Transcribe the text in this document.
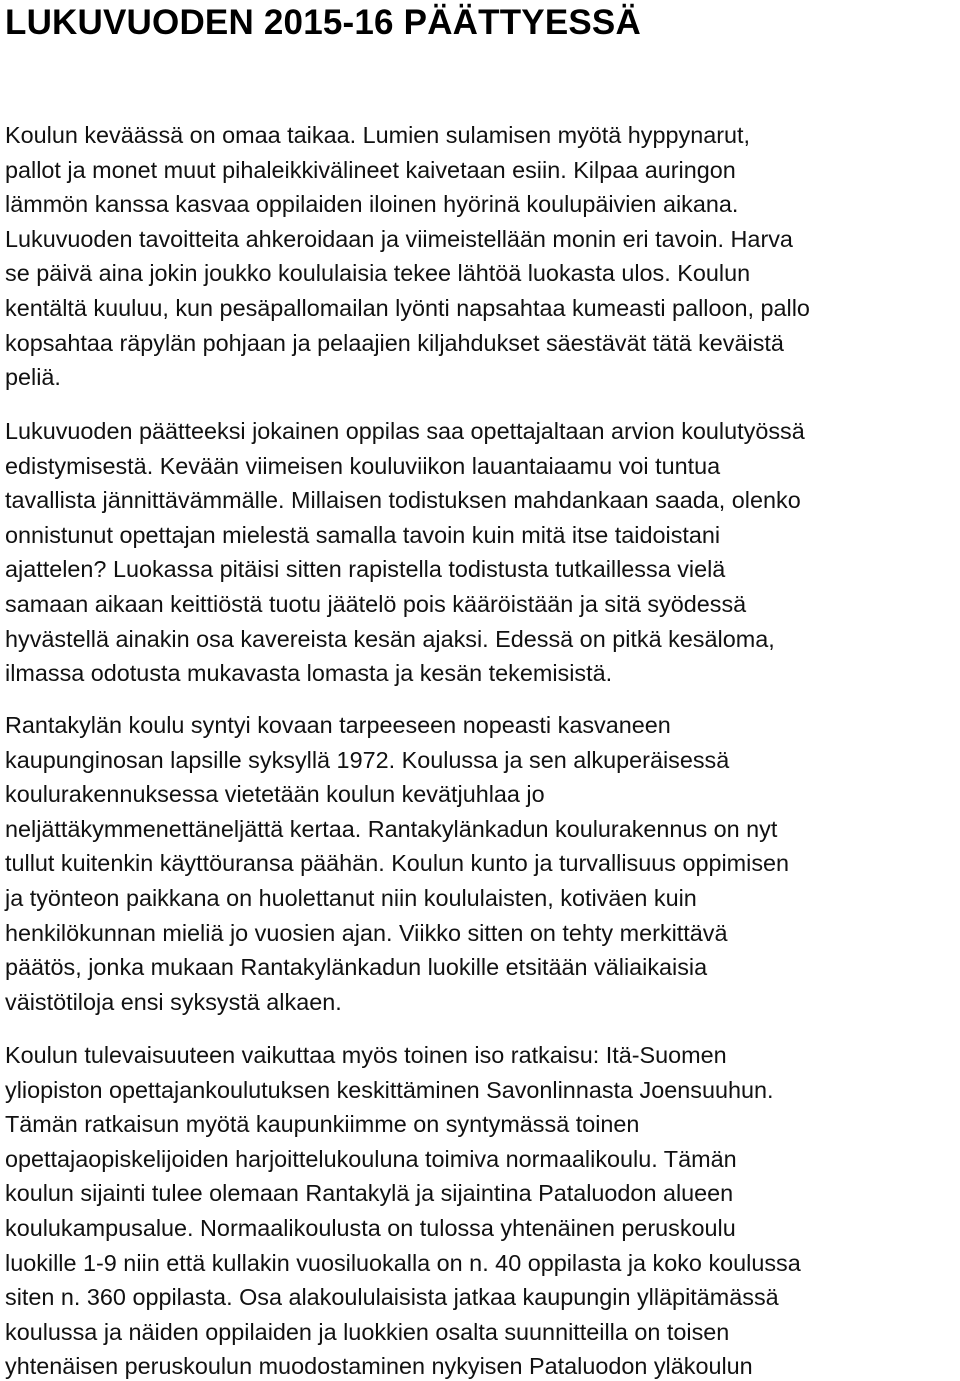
LUKUVUODEN 2015-16 PÄÄTTYESSÄ
Koulun keväässä on omaa taikaa. Lumien sulamisen myötä hyppynarut,
pallot ja monet muut pihaleikkivälineet kaivetaan esiin. Kilpaa auringon
lämmön kanssa kasvaa oppilaiden iloinen hyörinä koulupäivien aikana.
Lukuvuoden tavoitteita ahkeroidaan ja viimeistellään monin eri tavoin. Harva
se päivä aina jokin joukko koululaisia tekee lähtöä luokasta ulos. Koulun
kentältä kuuluu, kun pesäpallomailan lyönti napsahtaa kumeasti palloon, pallo
kopsahtaa räpylän pohjaan ja pelaajien kiljahdukset säestävät tätä keväistä
peliä.
Lukuvuoden päätteeksi jokainen oppilas saa opettajaltaan arvion koulutyössä
edistymisestä. Kevään viimeisen kouluviikon lauantaiaamu voi tuntua
tavallista jännittävämmälle. Millaisen todistuksen mahdankaan saada, olenko
onnistunut opettajan mielestä samalla tavoin kuin mitä itse taidoistani
ajattelen? Luokassa pitäisi sitten rapistella todistusta tutkaillessa vielä
samaan aikaan keittiöstä tuotu jäätelö pois kääröistään ja sitä syödessä
hyvästellä ainakin osa kavereista kesän ajaksi. Edessä on pitkä kesäloma,
ilmassa odotusta mukavasta lomasta ja kesän tekemisistä.
Rantakylän koulu syntyi kovaan tarpeeseen nopeasti kasvaneen
kaupunginosan lapsille syksyllä 1972. Koulussa ja sen alkuperäisessä
koulurakennuksessa vietetään koulun kevätjuhlaa jo
neljättäkymmenettäneljättä kertaa. Rantakylänkadun koulurakennus on nyt
tullut kuitenkin käyttöuransa päähän. Koulun kunto ja turvallisuus oppimisen
ja työnteon paikkana on huolettanut niin koululaisten, kotiväen kuin
henkilökunnan mieliä jo vuosien ajan. Viikko sitten on tehty merkittävä
päätös, jonka mukaan Rantakylänkadun luokille etsitään väliaikaisia
väistötiloja ensi syksystä alkaen.
Koulun tulevaisuuteen vaikuttaa myös toinen iso ratkaisu: Itä-Suomen
yliopiston opettajankoulutuksen keskittäminen Savonlinnasta Joensuuhun.
Tämän ratkaisun myötä kaupunkiimme on syntymässä toinen
opettajaopiskelijoiden harjoittelukouluna toimiva normaalikoulu. Tämän
koulun sijainti tulee olemaan Rantakylä ja sijaintina Pataluodon alueen
koulukampusalue. Normaalikoulusta on tulossa yhtenäinen peruskoulu
luokille 1-9 niin että kullakin vuosiluokalla on n. 40 oppilasta ja koko koulussa
siten n. 360 oppilasta. Osa alakoululaisista jatkaa kaupungin ylläpitämässä
koulussa ja näiden oppilaiden ja luokkien osalta suunnitteilla on toisen
yhtenäisen peruskoulun muodostaminen nykyisen Pataluodon yläkoulun
